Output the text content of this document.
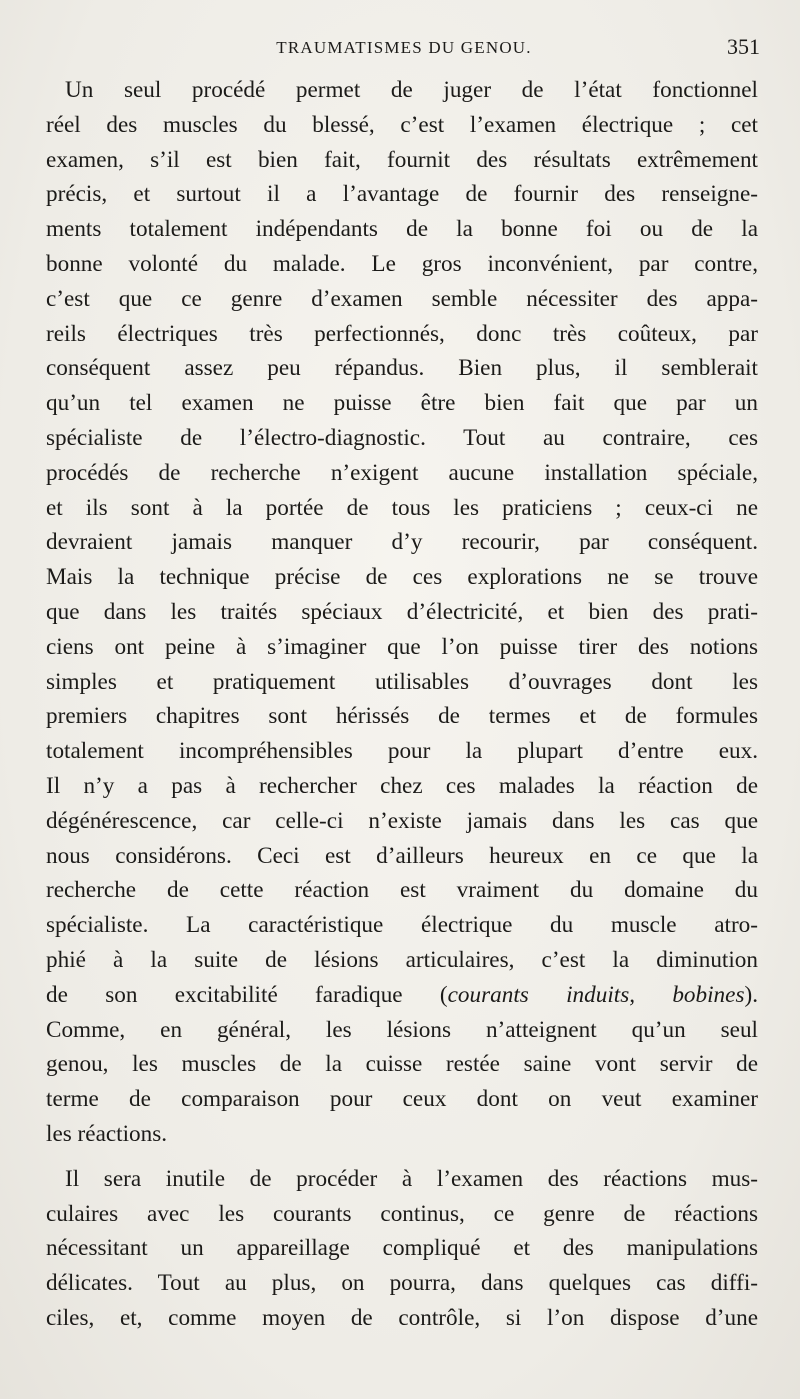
TRAUMATISMES DU GENOU.	351
Un seul procédé permet de juger de l’état fonctionnel
réel des muscles du blessé, c’est l’examen électrique ; cet
examen, s’il est bien fait, fournit des résultats extrêmement
précis, et surtout il a l’avantage de fournir des renseigne-
ments totalement indépendants de la bonne foi ou de la
bonne volonté du malade. Le gros inconvénient, par contre,
c’est que ce genre d’examen semble nécessiter des appa-
reils électriques très perfectionnés, donc très coûteux, par
conséquent assez peu répandus. Bien plus, il semblerait
qu’un tel examen ne puisse être bien fait que par un
spécialiste de l’électro-diagnostic. Tout au contraire, ces
procédés de recherche n’exigent aucune installation spéciale,
et ils sont à la portée de tous les praticiens ; ceux-ci ne
devraient jamais manquer d’y recourir, par conséquent.
Mais la technique précise de ces explorations ne se trouve
que dans les traités spéciaux d’électricité, et bien des prati-
ciens ont peine à s’imaginer que l’on puisse tirer des notions
simples et pratiquement utilisables d’ouvrages dont les
premiers chapitres sont hérissés de termes et de formules
totalement incompréhensibles pour la plupart d’entre eux.
Il n’y a pas à rechercher chez ces malades la réaction de
dégénérescence, car celle-ci n’existe jamais dans les cas que
nous considérons. Ceci est d’ailleurs heureux en ce que la
recherche de cette réaction est vraiment du domaine du
spécialiste. La caractéristique électrique du muscle atro-
phié à la suite de lésions articulaires, c’est la diminution
de son excitabilité faradique (courants induits, bobines).
Comme, en général, les lésions n’atteignent qu’un seul
genou, les muscles de la cuisse restée saine vont servir de
terme de comparaison pour ceux dont on veut examiner
les réactions.
Il sera inutile de procéder à l’examen des réactions mus-
culaires avec les courants continus, ce genre de réactions
nécessitant un appareillage compliqué et des manipulations
délicates. Tout au plus, on pourra, dans quelques cas diffi-
ciles, et, comme moyen de contrôle, si l’on dispose d’une
